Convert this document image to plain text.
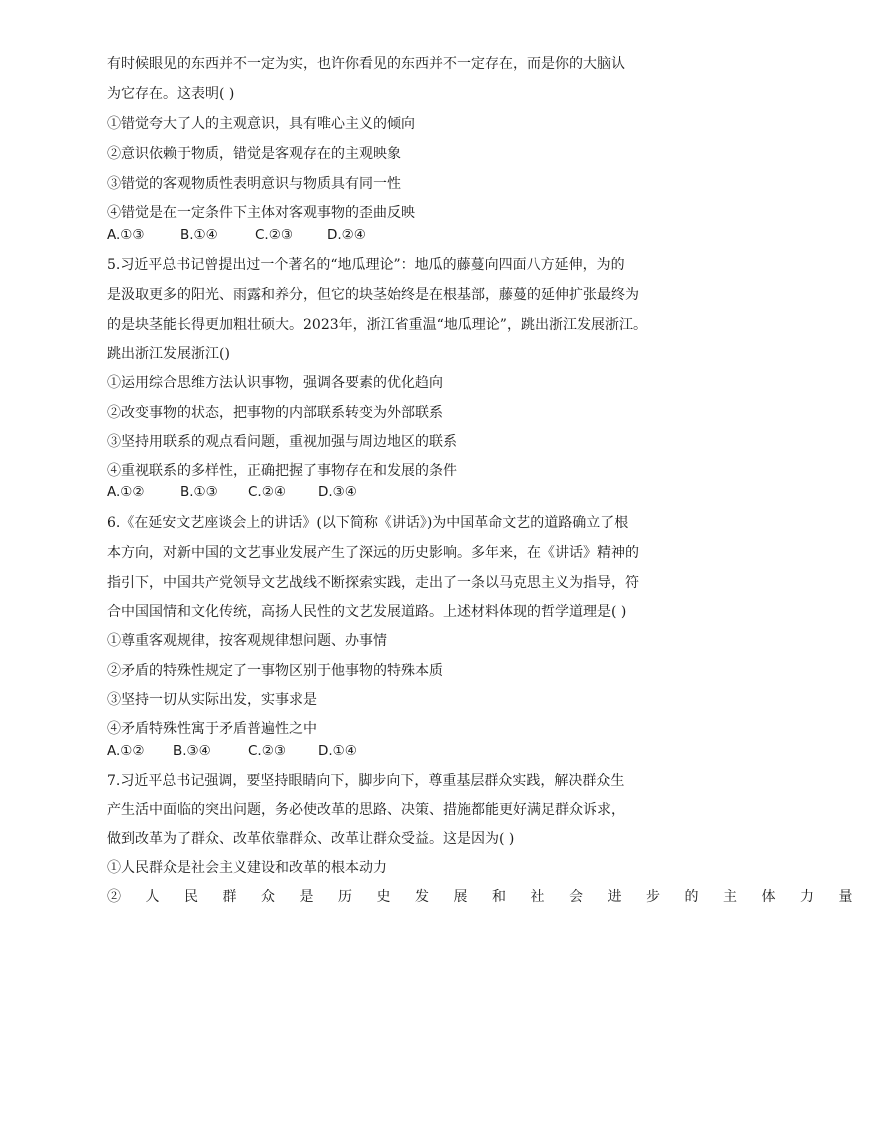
有时候眼见的东西并不一定为实，也许你看见的东西并不一定存在，而是你的大脑认
为它存在。这表明( )
①错觉夸大了人的主观意识，具有唯心主义的倾向
②意识依赖于物质，错觉是客观存在的主观映象
③错觉的客观物质性表明意识与物质具有同一性
④错觉是在一定条件下主体对客观事物的歪曲反映
A.①③	B.①④	C.②③	D.②④
5.习近平总书记曾提出过一个著名的“地瓜理论”：地瓜的藤蔓向四面八方延伸，为的
是汲取更多的阳光、雨露和养分，但它的块茎始终是在根基部，藤蔓的延伸扩张最终为
的是块茎能长得更加粗壮硕大。2023年，浙江省重温“地瓜理论”，跳出浙江发展浙江。
跳出浙江发展浙江()
①运用综合思维方法认识事物，强调各要素的优化趋向
②改变事物的状态，把事物的内部联系转变为外部联系
③坚持用联系的观点看问题，重视加强与周边地区的联系
④重视联系的多样性，正确把握了事物存在和发展的条件
A.①②	B.①③ C.②④ D.③④
6.《在延安文艺座谈会上的讲话》(以下简称《讲话》)为中国革命文艺的道路确立了根
本方向，对新中国的文艺事业发展产生了深远的历史影响。多年来，在《讲话》精神的
指引下，中国共产党领导文艺战线不断探索实践，走出了一条以马克思主义为指导，符
合中国国情和文化传统，高扬人民性的文艺发展道路。上述材料体现的哲学道理是( )
①尊重客观规律，按客观规律想问题、办事情
②矛盾的特殊性规定了一事物区别于他事物的特殊本质
③坚持一切从实际出发，实事求是
④矛盾特殊性寓于矛盾普遍性之中
A.①② B.③④	C.②③ D.①④
7.习近平总书记强调，要坚持眼睛向下，脚步向下，尊重基层群众实践，解决群众生
产生活中面临的突出问题，务必使改革的思路、决策、措施都能更好满足群众诉求，
做到改革为了群众、改革依靠群众、改革让群众受益。这是因为( )
①人民群众是社会主义建设和改革的根本动力
②人民群众是历史发展和社会进步的主体力量
